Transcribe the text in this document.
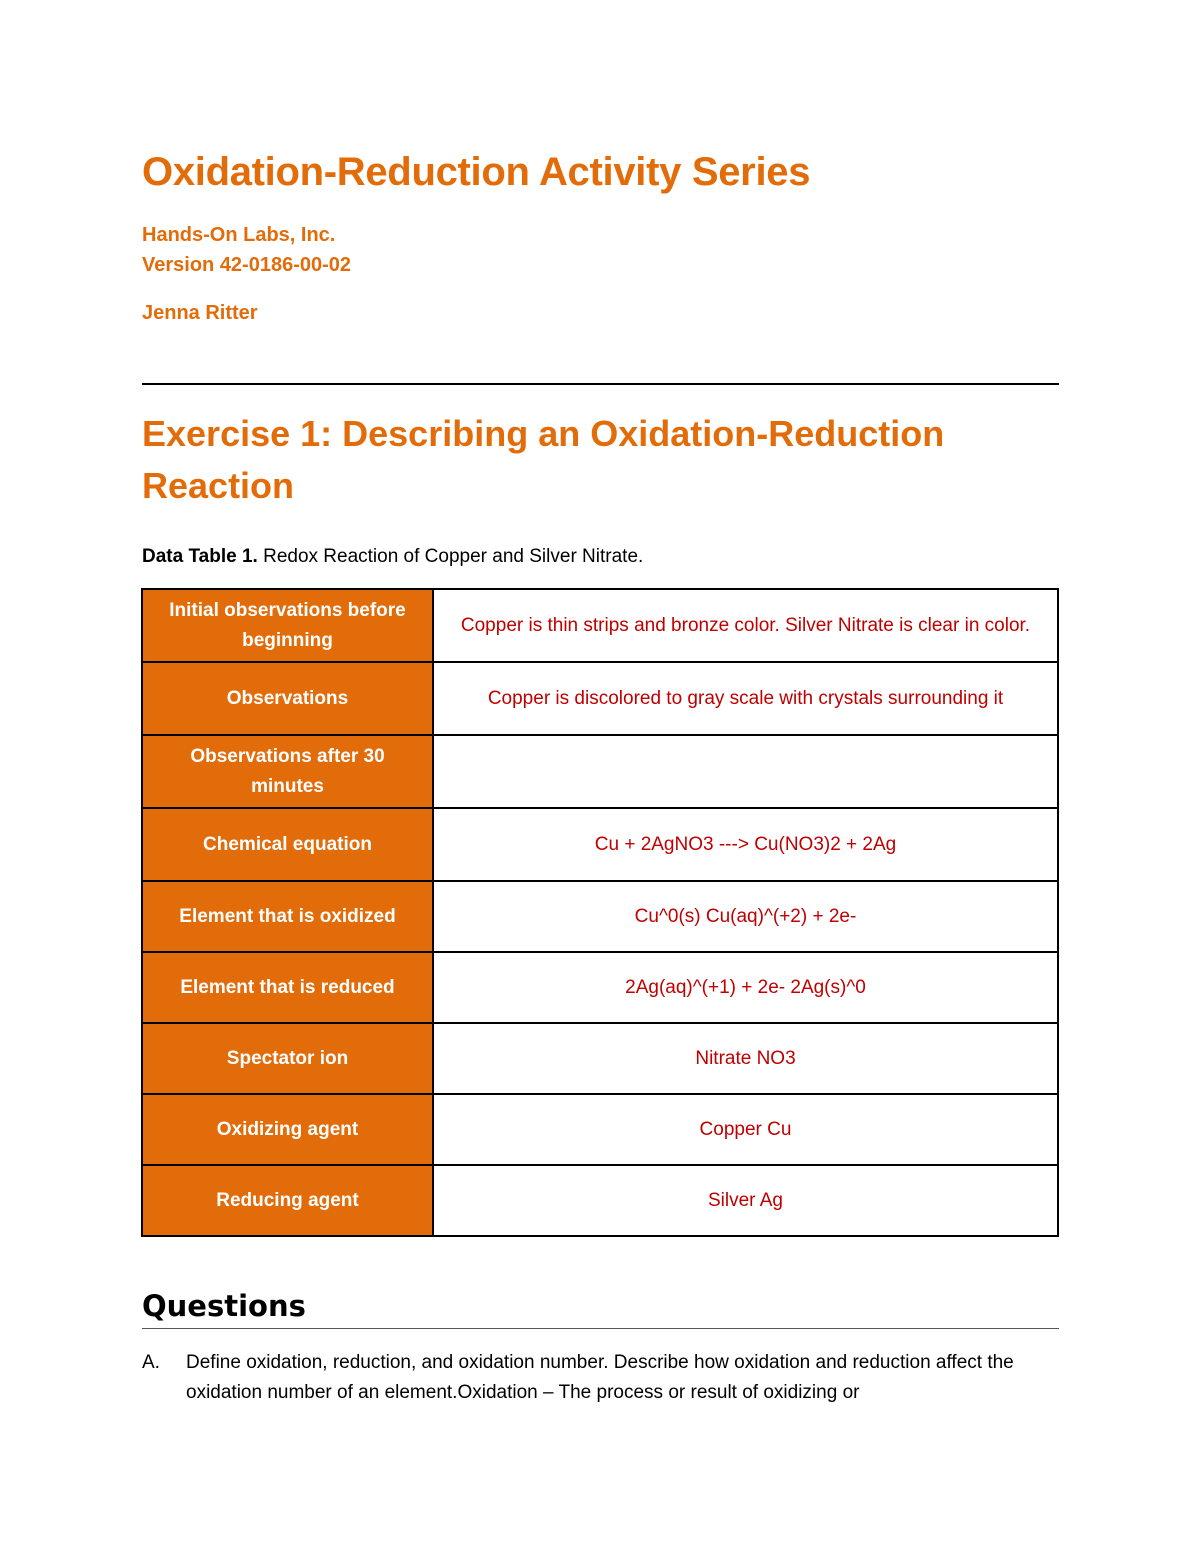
Oxidation-Reduction Activity Series

Hands-On Labs, Inc.

Version 42-0186-00-02

Jenna Ritter

Exercise 1: Describing an Oxidation-Reduction Reaction

Data Table 1. Redox Reaction of Copper and Silver Nitrate.

Initial observations before beginning	Copper is thin strips and bronze color. Silver Nitrate is clear in color.
Observations	Copper is discolored to gray scale with crystals surrounding it
Observations after 30 minutes	
Chemical equation	Cu + 2AgNO3 ---> Cu(NO3)2 + 2Ag
Element that is oxidized	Cu^0(s) Cu(aq)^(+2) + 2e-
Element that is reduced	2Ag(aq)^(+1) + 2e- 2Ag(s)^0
Spectator ion	Nitrate NO3
Oxidizing agent	Copper Cu
Reducing agent	Silver Ag
Questions
A. Define oxidation, reduction, and oxidation number. Describe how oxidation and reduction affect the oxidation number of an element.Oxidation – The process or result of oxidizing or
